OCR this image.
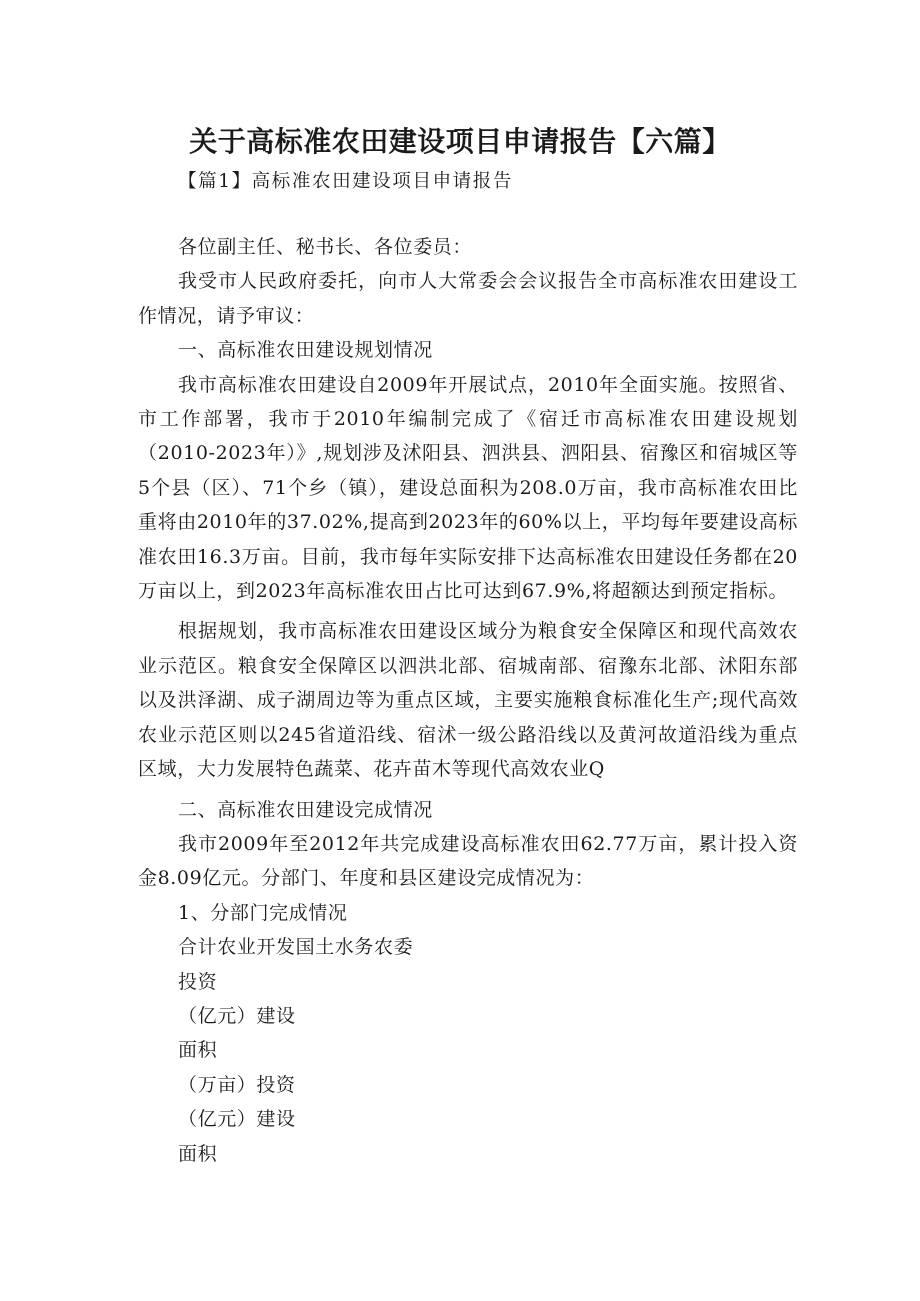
关于高标准农田建设项目申请报告【六篇】

【篇1】高标准农田建设项目申请报告

各位副主任、秘书长、各位委员：

我受市人民政府委托，向市人大常委会会议报告全市高标准农田建设工作情况，请予审议：

一、高标准农田建设规划情况

我市高标准农田建设自2009年开展试点，2010年全面实施。按照省、市工作部署，我市于2010年编制完成了《宿迁市高标准农田建设规划（2010-2023年）》,规划涉及沭阳县、泗洪县、泗阳县、宿豫区和宿城区等5个县（区）、71个乡（镇），建设总面积为208.0万亩，我市高标准农田比重将由2010年的37.02%,提高到2023年的60%以上，平均每年要建设高标准农田16.3万亩。目前，我市每年实际安排下达高标准农田建设任务都在20万亩以上，到2023年高标准农田占比可达到67.9%,将超额达到预定指标。

根据规划，我市高标准农田建设区域分为粮食安全保障区和现代高效农业示范区。粮食安全保障区以泗洪北部、宿城南部、宿豫东北部、沭阳东部以及洪泽湖、成子湖周边等为重点区域，主要实施粮食标准化生产;现代高效农业示范区则以245省道沿线、宿沭一级公路沿线以及黄河故道沿线为重点区域，大力发展特色蔬菜、花卉苗木等现代高效农业Q

二、高标准农田建设完成情况

我市2009年至2012年共完成建设高标准农田62.77万亩，累计投入资金8.09亿元。分部门、年度和县区建设完成情况为：

1、分部门完成情况

合计农业开发国土水务农委

投资

（亿元）建设

面积

（万亩）投资

（亿元）建设

面积
